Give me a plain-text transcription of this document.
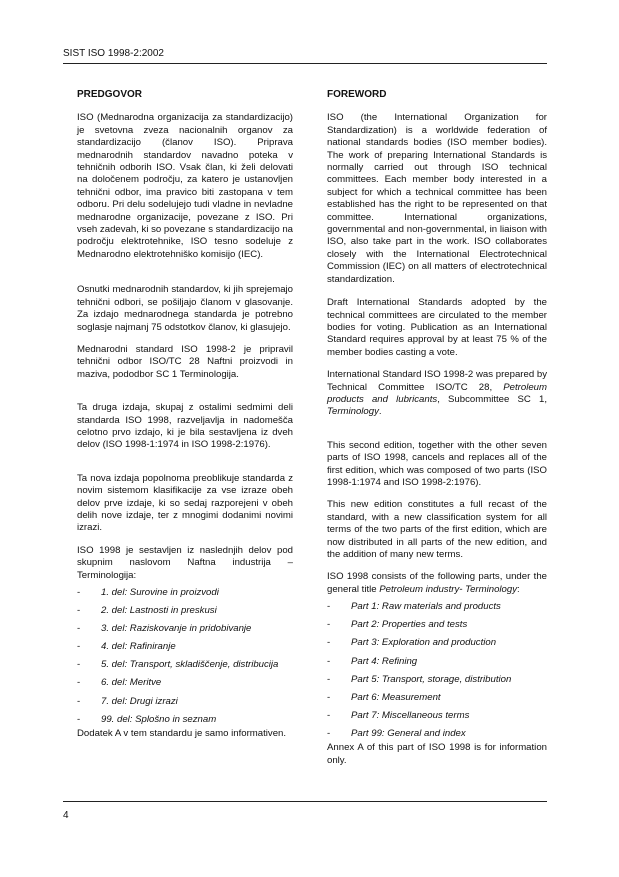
SIST ISO 1998-2:2002
PREDGOVOR

ISO (Mednarodna organizacija za standardizacijo) je svetovna zveza nacionalnih organov za standardizacijo (članov ISO). Priprava mednarodnih standardov navadno poteka v tehničnih odborih ISO. Vsak član, ki želi delovati na določenem področju, za katero je ustanovljen tehnični odbor, ima pravico biti zastopana v tem odboru. Pri delu sodelujejo tudi vladne in nevladne mednarodne organizacije, povezane z ISO. Pri vseh zadevah, ki so povezane s standardizacijo na področju elektrotehnike, ISO tesno sodeluje z Mednarodno elektrotehniško komisijo (IEC).

Osnutki mednarodnih standardov, ki jih sprejemajo tehnični odbori, se pošiljajo članom v glasovanje. Za izdajo mednarodnega standarda je potrebno soglasje najmanj 75 odstotkov članov, ki glasujejo.

Mednarodni standard ISO 1998-2 je pripravil tehnični odbor ISO/TC 28 Naftni proizvodi in maziva, pododbor SC 1 Terminologija.

Ta druga izdaja, skupaj z ostalimi sedmimi deli standarda ISO 1998, razveljavlja in nadomešča celotno prvo izdajo, ki je bila sestavljena iz dveh delov (ISO 1998-1:1974 in ISO 1998-2:1976).

Ta nova izdaja popolnoma preoblikuje standarda z novim sistemom klasifikacije za vse izraze obeh delov prve izdaje, ki so sedaj razporejeni v obeh delih nove izdaje, ter z mnogimi dodanimi novimi izrazi.

ISO 1998 je sestavljen iz naslednjih delov pod skupnim naslovom Naftna industrija – Terminologija:

-	1. del: Surovine in proizvodi
-	2. del: Lastnosti in preskusi
-	3. del: Raziskovanje in pridobivanje
-	4. del: Rafiniranje
-	5. del: Transport, skladiščenje, distribucija
-	6. del: Meritve
-	7. del: Drugi izrazi
-	99. del: Splošno in seznam

Dodatek A v tem standardu je samo informativen.

FOREWORD

ISO (the International Organization for Standardization) is a worldwide federation of national standards bodies (ISO member bodies). The work of preparing International Standards is normally carried out through ISO technical committees. Each member body interested in a subject for which a technical committee has been established has the right to be represented on that committee. International organizations, governmental and non-governmental, in liaison with ISO, also take part in the work. ISO collaborates closely with the International Electrotechnical Commission (IEC) on all matters of electrotechnical standardization.

Draft International Standards adopted by the technical committees are circulated to the member bodies for voting. Publication as an International Standard requires approval by at least 75 % of the member bodies casting a vote.

International Standard ISO 1998-2 was prepared by Technical Committee ISO/TC 28, Petroleum products and lubricants, Subcommittee SC 1, Terminology.

This second edition, together with the other seven parts of ISO 1998, cancels and replaces all of the first edition, which was composed of two parts (ISO 1998-1:1974 and ISO 1998-2:1976).

This new edition constitutes a full recast of the standard, with a new classification system for all terms of the two parts of the first edition, which are now distributed in all parts of the new edition, and the addition of many new terms.

ISO 1998 consists of the following parts, under the general title Petroleum industry- Terminology:

-	Part 1: Raw materials and products
-	Part 2: Properties and tests
-	Part 3: Exploration and production
-	Part 4: Refining
-	Part 5: Transport, storage, distribution
-	Part 6: Measurement
-	Part 7: Miscellaneous terms
-	Part 99: General and index

Annex A of this part of ISO 1998 is for information only.

4
